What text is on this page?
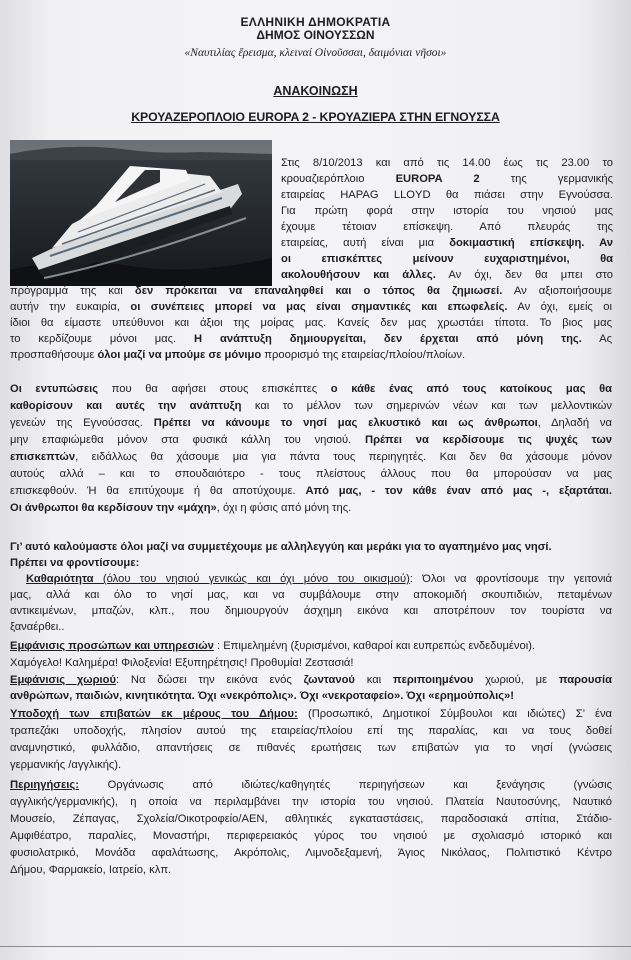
ΕΛΛΗΝΙΚΗ ΔΗΜΟΚΡΑΤΙΑ
ΔΗΜΟΣ ΟΙΝΟΥΣΣΩΝ
«Ναυτιλίας ἕρεισμα, κλειναί Οἰνοῦσσαι, δαιμόνιαι νῆσοι»
ΑΝΑΚΟΙΝΩΣΗ
ΚΡΟΥΑΖΕΡΟΠΛΟΙΟ EUROPA 2 - ΚΡΟΥΑΖΙΕΡΑ ΣΤΗΝ ΕΓΝΟΥΣΣΑ
Στις 8/10/2013 και από τις 14.00 έως τις 23.00 το
κρουαζιερόπλοιο	EUROPA 2	της γερμανικής
εταιρείας HAPAG LLOYD θα πιάσει στην Εγνούσσα.
Για πρώτη φορά στην ιστορία του νησιού μας
έχουμε τέτοιαν επίσκεψη. Από πλευράς της
εταιρείας, αυτή είναι μια δοκιμαστική επίσκεψη. Αν
οι επισκέπτες μείνουν ευχαριστημένοι, θα
ακολουθήσουν και άλλες. Αν όχι, δεν θα μπει στο
πρόγραμμά της και δεν πρόκειται να επαναληφθεί και ο τόπος θα ζημιωσεί. Αν αξιοποιήσουμε
αυτήν την ευκαιρία, οι συνέπειες μπορεί να μας είναι σημαντικές και επωφελείς. Αν όχι, εμείς οι
ίδιοι θα είμαστε υπεύθυνοι και άξιοι της μοίρας μας. Κανείς δεν μας χρωστάει τίποτα. Το βιος μας
το κερδίζουμε μόνοι μας. Η ανάπτυξη δημιουργείται, δεν έρχεται από μόνη της. Ας
προσπαθήσουμε όλοι μαζί να μπούμε σε μόνιμο προορισμό της εταιρείας/πλοίου/πλοίων.
Οι εντυπώσεις που θα αφήσει στους επισκέπτες ο κάθε ένας από τους κατοίκους μας θα
καθορίσουν και αυτές την ανάπτυξη και το μέλλον των σημερινών νέων και των μελλοντικών
γενεών της Εγνούσσας. Πρέπει να κάνουμε το νησί μας ελκυστικό και ως άνθρωποι, Δηλαδή να
μην επαφιώμεθα μόνον στα φυσικά κάλλη του νησιού. Πρέπει να κερδίσουμε τις ψυχές των
επισκεπτών, ειδάλλως θα χάσουμε μια για πάντα τους περιηγητές. Και δεν θα χάσουμε μόνον
αυτούς αλλά – και το σπουδαιότερο - τους πλείστους άλλους που θα μπορούσαν να μας
επισκεφθούν. Ή θα επιτύχουμε ή θα αποτύχουμε. Από μας, - τον κάθε έναν από μας -, εξαρτάται.
Οι άνθρωποι θα κερδίσουν την «μάχη», όχι η φύσις από μόνη της.
Γι’ αυτό καλούμαστε όλοι μαζί να συμμετέχουμε με αλληλεγγύη και μεράκι για το αγαπημένο μας νησί.
Πρέπει να φροντίσουμε:
Καθαριότητα (όλου του νησιού γενικώς και όχι μόνο του οικισμού): Όλοι να φροντίσουμε την γειτονιά
μας, αλλά και όλο το νησί μας, και να συμβάλουμε στην αποκομιδή σκουπιδιών, πεταμένων
αντικειμένων, μπαζών, κλπ., που δημιουργούν άσχημη εικόνα και αποτρέπουν τον τουρίστα να
ξαναέρθει..
Εμφάνισις προσώπων και υπηρεσιών : Επιμελημένη (ξυρισμένοι, καθαροί και ευπρεπώς ενδεδυμένοι).
Χαμόγελο! Καλημέρα! Φιλοξενία! Εξυπηρέτησις! Προθυμία! Ζεστασιά!
Εμφάνισις χωριού: Να δώσει την εικόνα ενός ζωντανού και περιποιημένου χωριού, με παρουσία
ανθρώπων, παιδιών, κινητικότητα. Όχι «νεκρόπολις». Όχι «νεκροταφείο». Όχι «ερημούπολις»!
Υποδοχή των επιβατών εκ μέρους του Δήμου: (Προσωπικό, Δημοτικοί Σύμβουλοι και ιδιώτες) Σ’ ένα
τραπεζάκι υποδοχής, πλησίον αυτού της εταιρείας/πλοίου επί της παραλίας, και να τους δοθεί
αναμνηστικό, φυλλάδιο, απαντήσεις σε πιθανές ερωτήσεις των επιβατών για το νησί (γνώσεις
γερμανικής /αγγλικής).
Περιηγήσεις: Οργάνωσις από ιδιώτες/καθηγητές περιηγήσεων και ξενάγησις (γνώσις
αγγλικής/γερμανικής), η οποία να περιλαμβάνει την ιστορία του νησιού. Πλατεία Ναυτοσύνης, Ναυτικό
Μουσείο, Ζέπαγας, Σχολεία/Οικοτροφείο/ΑΕΝ, αθλητικές εγκαταστάσεις, παραδοσιακά σπίτια, Στάδιο-
Αμφιθέατρο, παραλίες, Μοναστήρι, περιφερειακός γύρος του νησιού με σχολιασμό ιστορικό και
φυσιολατρικό, Μονάδα αφαλάτωσης, Ακρόπολις, Λιμνοδεξαμενή, Άγιος Νικόλαος, Πολιτιστικό Κέντρο
Δήμου, Φαρμακείο, Ιατρείο, κλπ.
